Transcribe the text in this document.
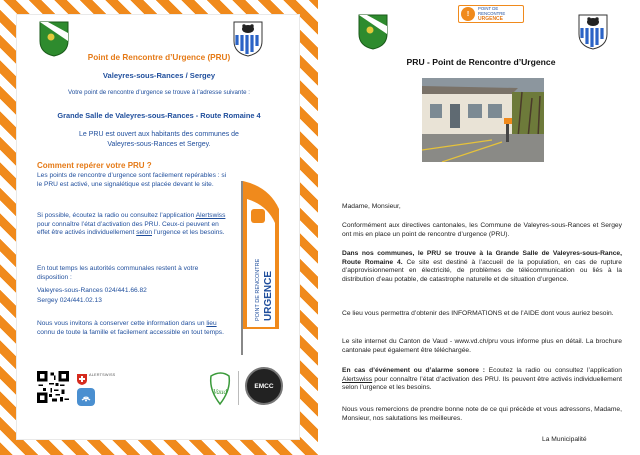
Point de Rencontre d’Urgence (PRU)
Valeyres-sous-Rances / Sergey
Votre point de rencontre d’urgence se trouve à l’adresse suivante :
Grande Salle de Valeyres-sous-Rances - Route Romaine 4
Le PRU est ouvert aux habitants des communes de
Valeyres-sous-Rances et Sergey.
Comment repérer votre PRU ?
Les points de rencontre d’urgence sont facilement repérables : si le PRU est activé, une signalétique est placée devant le site.
Si possible, écoutez la radio ou consultez l’application Alertswiss pour connaître l’état d’activation des PRU. Ceux-ci peuvent en effet être activés individuellement selon l’urgence et les besoins.
En tout temps les autorités communales restent à votre disposition :
Valeyres-sous-Rances 024/441.66.82
Sergey 024/441.02.13
Nous vous invitons à conserver cette information dans un lieu connu de toute la famille et facilement accessible en tout temps.
POINT DE RENCONTRE URGENCE
ALERTSWISS
Vaud
EMCC
!
POINT DE
RENCONTRE
URGENCE
PRU - Point de Rencontre d’Urgence
Madame, Monsieur,
Conformément aux directives cantonales, les Commune de Valeyres-sous-Rances et Sergey ont mis en place un point de rencontre d’urgence (PRU).
Dans nos communes, le PRU se trouve à la Grande Salle de Valeyres-sous-Rance, Route Romaine 4. Ce site est destiné à l’accueil de la population, en cas de rupture d’approvisionnement en électricité, de problèmes de télécommunication ou liés à la distribution d’eau potable, de catastrophe naturelle et de situation d’urgence.
Ce lieu vous permettra d’obtenir des INFORMATIONS et de l’AIDE dont vous auriez besoin.
Le site internet du Canton de Vaud - www.vd.ch/pru vous informe plus en détail. La brochure cantonale peut également être téléchargée.
En cas d’événement ou d’alarme sonore : Ecoutez la radio ou consultez l’application Alertswiss pour connaître l’état d’activation des PRU. Ils peuvent être activés individuellement selon l’urgence et les besoins.
Nous vous remercions de prendre bonne note de ce qui précède et vous adressons, Madame, Monsieur, nos salutations les meilleures.
La Municipalité
